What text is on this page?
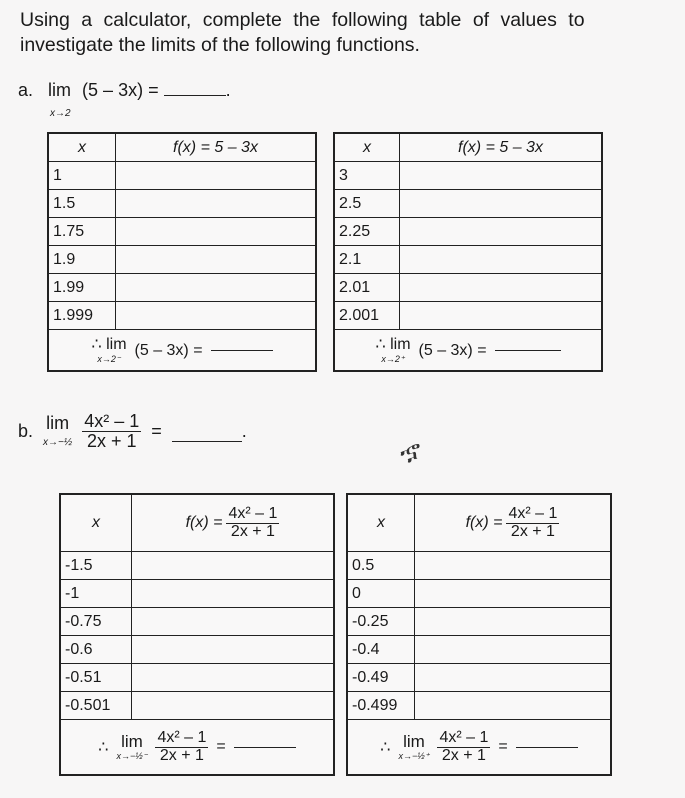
Using a calculator, complete the following table of values to
investigate the limits of the following functions.
a. lim (5 – 3x) =	.
x→2
x	f(x) = 5 – 3x
1	
1.5	
1.75	
1.9	
1.99	
1.999	

∴ lim
x→2⁻
(5 – 3x) =	
x	f(x) = 5 – 3x
3	
2.5	
2.25	
2.1	
2.01	
2.001	

∴ lim
x→2⁺
(5 – 3x) =	
b. lim
x→−½ $\frac{\text{4x² – 1}}{2x + 1}$ =	.
ኇ
x	$f(x) = \frac{\text{4x² – 1}}{2x + 1}$

-1.5	
-1	
-0.75	
-0.6	
-0.51	
-0.501	

∴ lim
x→−½⁻ $\frac{\text{4x² – 1}}{2x + 1}$ =
x	$f(x) = \frac{\text{4x² – 1}}{2x + 1}$

0.5	
0	
-0.25	
-0.4	
-0.49	
-0.499	

∴ lim
x→−½⁺ $\frac{\text{4x² – 1}}{2x + 1}$ =
